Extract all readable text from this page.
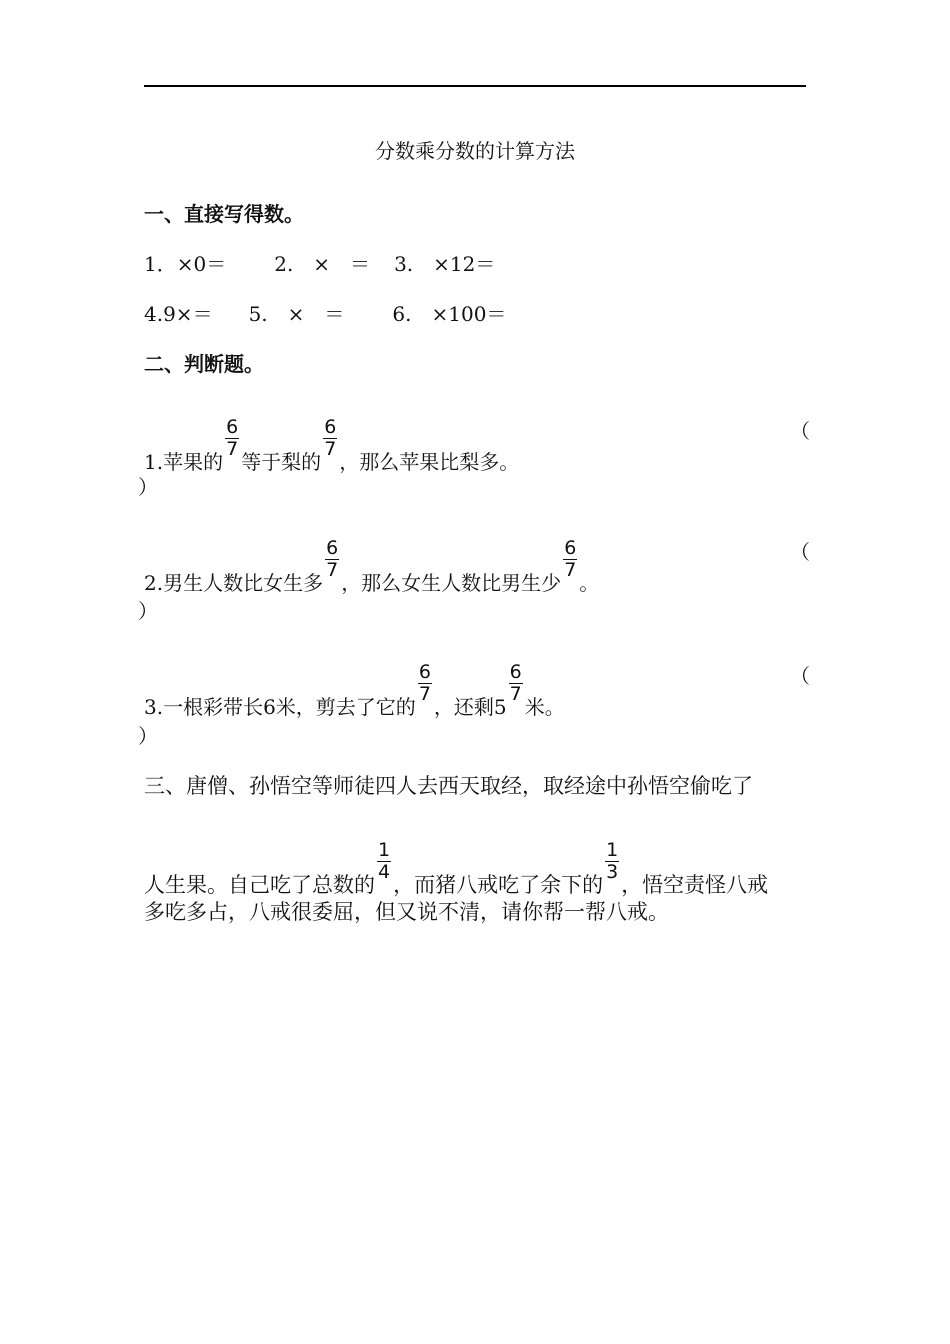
分数乘分数的计算方法
一、直接写得数。
1．×0＝ 2.　×　＝ 3.　×12＝
4.9×＝ 5.　×　＝ 6.　×100＝
二、判断题。
1.苹果的
$\frac{6}{7}$
等于梨的
$\frac{6}{7}$
，那么苹果比梨多。
（
）
2.男生人数比女生多
$\frac{6}{7}$
，那么女生人数比男生少
$\frac{6}{7}$
。
（
）
3.一根彩带长6米，剪去了它的
$\frac{6}{7}$
，还剩5
$\frac{6}{7}$
米。
（
）
三、唐僧、孙悟空等师徒四人去西天取经，取经途中孙悟空偷吃了
人生果。自己吃了总数的
$\frac{1}{4}$
，而猪八戒吃了余下的
$\frac{1}{3}$
，悟空责怪八戒
多吃多占，八戒很委屈，但又说不清，请你帮一帮八戒。
